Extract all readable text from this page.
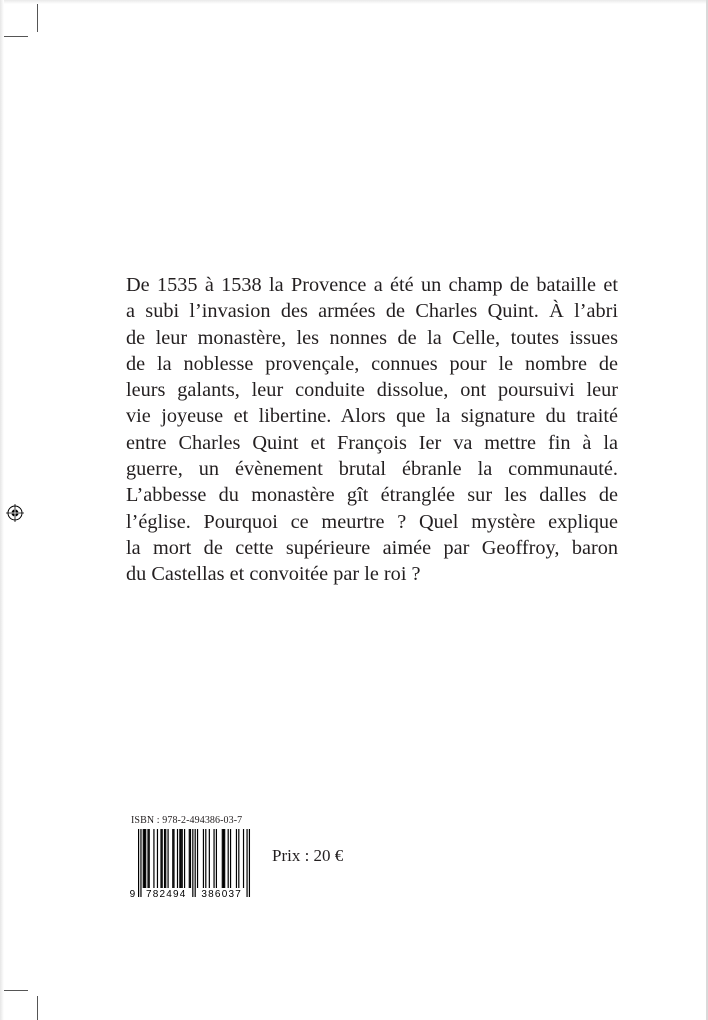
De 1535 à 1538 la Provence a été un champ de bataille et
a subi l’invasion des armées de Charles Quint. À l’abri
de leur monastère, les nonnes de la Celle, toutes issues
de la noblesse provençale, connues pour le nombre de
leurs galants, leur conduite dissolue, ont poursuivi leur
vie joyeuse et libertine. Alors que la signature du traité
entre Charles Quint et François Ier va mettre fin à la
guerre, un évènement brutal ébranle la communauté.
L’abbesse du monastère gît étranglée sur les dalles de
l’église. Pourquoi ce meurtre ? Quel mystère explique
la mort de cette supérieure aimée par Geoffroy, baron
du Castellas et convoitée par le roi ?
ISBN : 978-2-494386-03-7
9 782494 386037
Prix : 20 €
